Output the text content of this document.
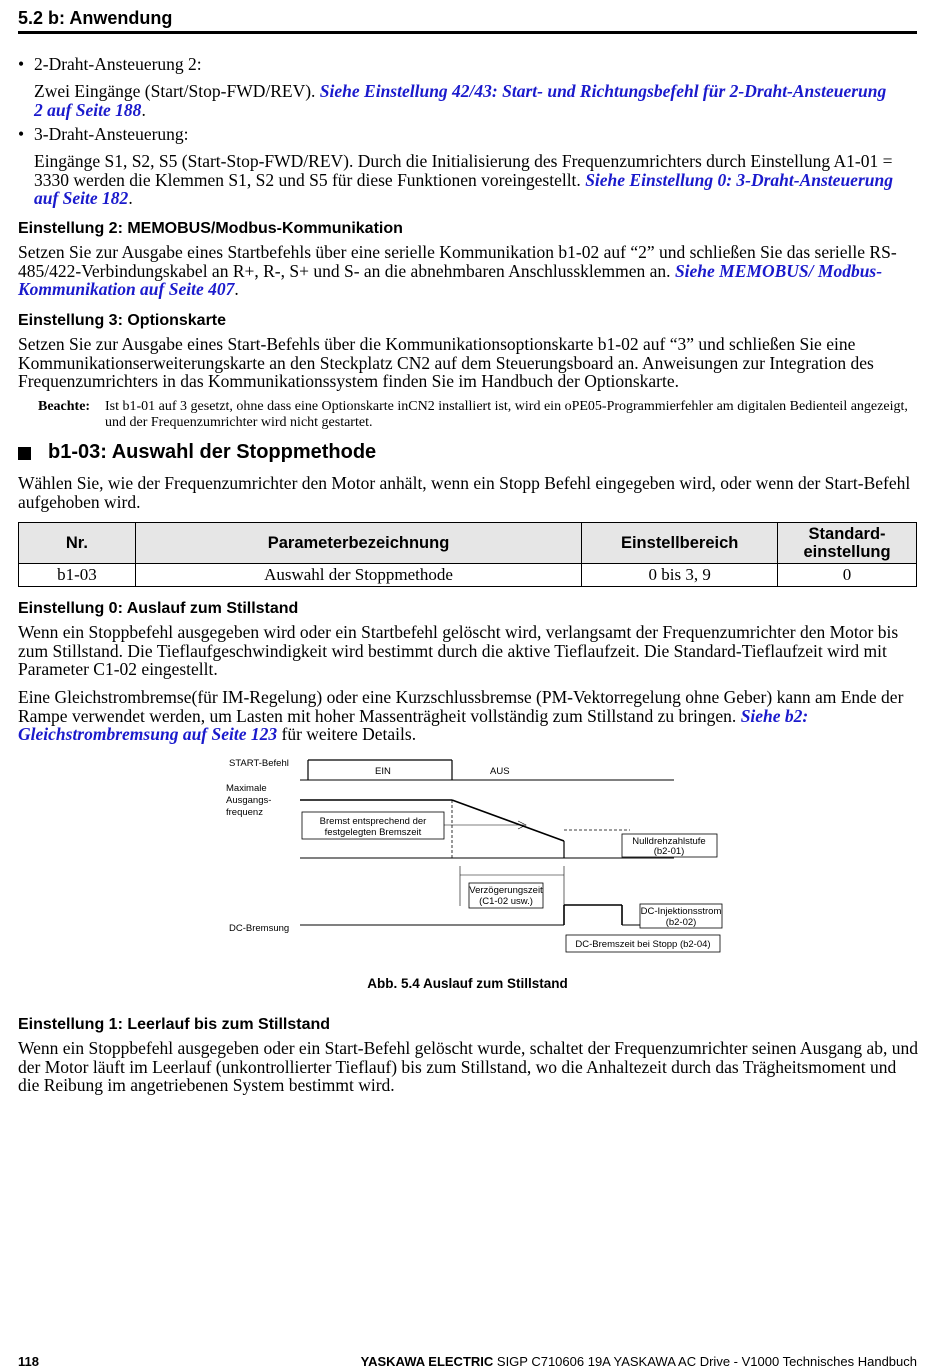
5.2 b: Anwendung
• 2-Draht-Ansteuerung 2:
Zwei Eingänge (Start/Stop-FWD/REV). Siehe Einstellung 42/43: Start- und Richtungsbefehl für 2-Draht-Ansteuerung 2 auf Seite 188.
• 3-Draht-Ansteuerung:
Eingänge S1, S2, S5 (Start-Stop-FWD/REV). Durch die Initialisierung des Frequenzumrichters durch Einstellung A1-01 = 3330 werden die Klemmen S1, S2 und S5 für diese Funktionen voreingestellt. Siehe Einstellung 0: 3-Draht-Ansteuerung auf Seite 182.
Einstellung 2: MEMOBUS/Modbus-Kommunikation
Setzen Sie zur Ausgabe eines Startbefehls über eine serielle Kommunikation b1-02 auf “2” und schließen Sie das serielle RS-485/422-Verbindungskabel an R+, R-, S+ und S- an die abnehmbaren Anschlussklemmen an. Siehe MEMOBUS/ Modbus-Kommunikation auf Seite 407.
Einstellung 3: Optionskarte
Setzen Sie zur Ausgabe eines Start-Befehls über die Kommunikationsoptionskarte b1-02 auf “3” und schließen Sie eine Kommunikationserweiterungskarte an den Steckplatz CN2 auf dem Steuerungsboard an. Anweisungen zur Integration des Frequenzumrichters in das Kommunikationssystem finden Sie im Handbuch der Optionskarte.
Beachte: Ist b1-01 auf 3 gesetzt, ohne dass eine Optionskarte inCN2 installiert ist, wird ein oPE05-Programmierfehler am digitalen Bedienteil angezeigt, und der Frequenzumrichter wird nicht gestartet.
b1-03: Auswahl der Stoppmethode
Wählen Sie, wie der Frequenzumrichter den Motor anhält, wenn ein Stopp Befehl eingegeben wird, oder wenn der Start-Befehl aufgehoben wird.
Nr.	Parameterbezeichnung	Einstellbereich	Standard-
einstellung
b1-03	Auswahl der Stoppmethode	0 bis 3, 9	0
Einstellung 0: Auslauf zum Stillstand
Wenn ein Stoppbefehl ausgegeben wird oder ein Startbefehl gelöscht wird, verlangsamt der Frequenzumrichter den Motor bis zum Stillstand. Die Tieflaufgeschwindigkeit wird bestimmt durch die aktive Tieflaufzeit. Die Standard-Tieflaufzeit wird mit Parameter C1-02 eingestellt.
Eine Gleichstrombremse(für IM-Regelung) oder eine Kurzschlussbremse (PM-Vektorregelung ohne Geber) kann am Ende der Rampe verwendet werden, um Lasten mit hoher Massenträgheit vollständig zum Stillstand zu bringen. Siehe b2: Gleichstrombremsung auf Seite 123 für weitere Details.
START-Befehl
EIN	AUS
Maximale
Ausgangs-
frequenz
Bremst entsprechend der
festgelegten Bremszeit
Nulldrehzahlstufe
(b2-01)
Verzögerungszeit
(C1-02 usw.)
DC-Bremsung
DC-Injektionsstrom
(b2-02)
DC-Bremszeit bei Stopp (b2-04)
Abb. 5.4 Auslauf zum Stillstand
Einstellung 1: Leerlauf bis zum Stillstand
Wenn ein Stoppbefehl ausgegeben oder ein Start-Befehl gelöscht wurde, schaltet der Frequenzumrichter seinen Ausgang ab, und der Motor läuft im Leerlauf (unkontrollierter Tieflauf) bis zum Stillstand, wo die Anhaltezeit durch das Trägheitsmoment und die Reibung im angetriebenen System bestimmt wird.
118	YASKAWA ELECTRIC SIGP C710606 19A YASKAWA AC Drive - V1000 Technisches Handbuch
